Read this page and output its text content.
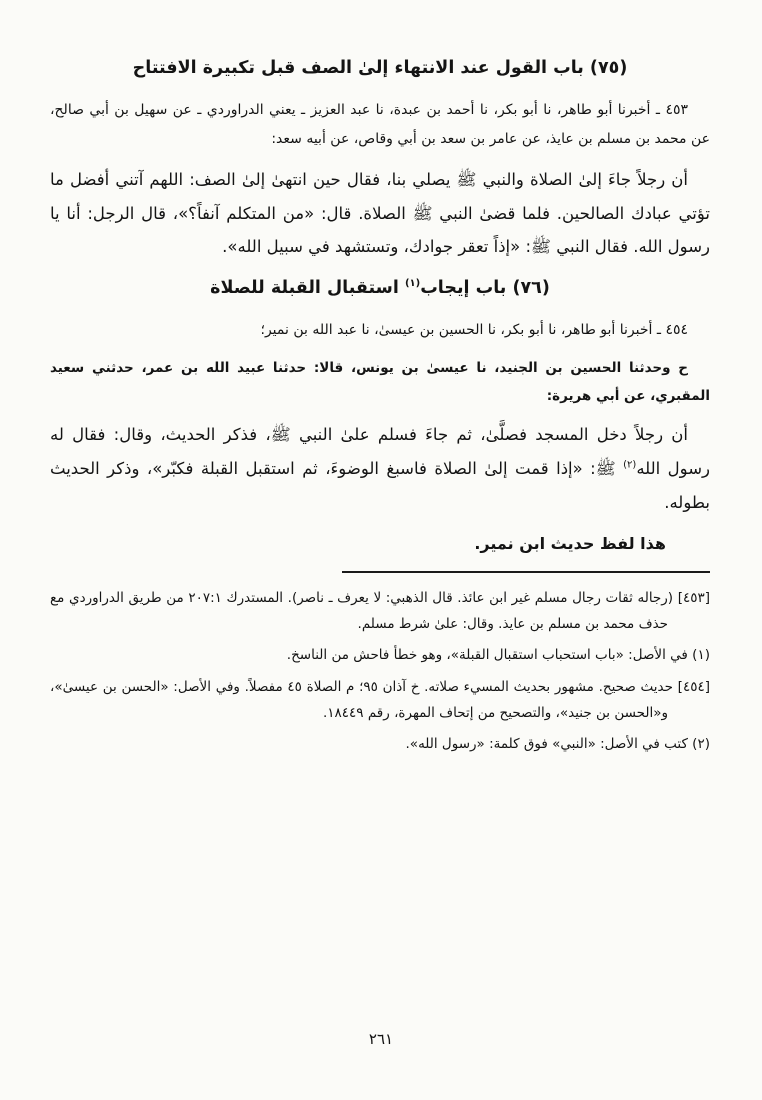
(٧٥) باب القول عند الانتهاء إلىٰ الصف قبل تكبيرة الافتتاح

٤٥٣ ـ أخبرنا أبو طاهر، نا أبو بكر، نا أحمد بن عبدة، نا عبد العزيز ـ يعني الدراوردي ـ عن سهيل بن أبي صالح، عن محمد بن مسلم بن عايذ، عن عامر بن سعد بن أبي وقاص، عن أبيه سعد:

أن رجلاً جاءَ إلىٰ الصلاة والنبي ﷺ يصلي بنا، فقال حين انتهىٰ إلىٰ الصف: اللهم آتني أفضل ما تؤتي عبادك الصالحين. فلما قضىٰ النبي ﷺ الصلاة. قال: «من المتكلم آنفاً؟»، قال الرجل: أنا يا رسول الله. فقال النبي ﷺ: «إذاً تعقر جوادك، وتستشهد في سبيل الله».

(٧٦) باب إيجاب$^{(١)}$ استقبال القبلة للصلاة

٤٥٤ ـ أخبرنا أبو طاهر، نا أبو بكر، نا الحسين بن عيسىٰ، نا عبد الله بن نمير؛

ح وحدثنا الحسين بن الجنيد، نا عيسىٰ بن يونس، قالا: حدثنا عبيد الله بن عمر، حدثني سعيد المقبري، عن أبي هريرة:

أن رجلاً دخل المسجد فصلَّىٰ، ثم جاءَ فسلم علىٰ النبي ﷺ، فذكر الحديث، وقال: فقال له رسول الله$^{(٢)}$ ﷺ: «إذا قمت إلىٰ الصلاة فاسبغ الوضوءَ، ثم استقبل القبلة فكبّر»، وذكر الحديث بطوله.

هذا لفظ حديث ابن نمير.

[٤٥٣] (رجاله ثقات رجال مسلم غير ابن عائذ. قال الذهبي: لا يعرف ـ ناصر). المستدرك ٢٠٧:١ من طريق الدراوردي مع حذف محمد بن مسلم بن عايذ. وقال: علىٰ شرط مسلم.

(١) في الأصل: «باب استحباب استقبال القبلة»، وهو خطأ فاحش من الناسخ.

[٤٥٤] حديث صحيح. مشهور بحديث المسيء صلاته. خ آذان ٩٥؛ م الصلاة ٤٥ مفصلاً. وفي الأصل: «الحسن بن عيسىٰ»، و«الحسن بن جنيد»، والتصحيح من إتحاف المهرة، رقم ١٨٤٤٩.

(٢) كتب في الأصل: «النبي» فوق كلمة: «رسول الله».

٢٦١
